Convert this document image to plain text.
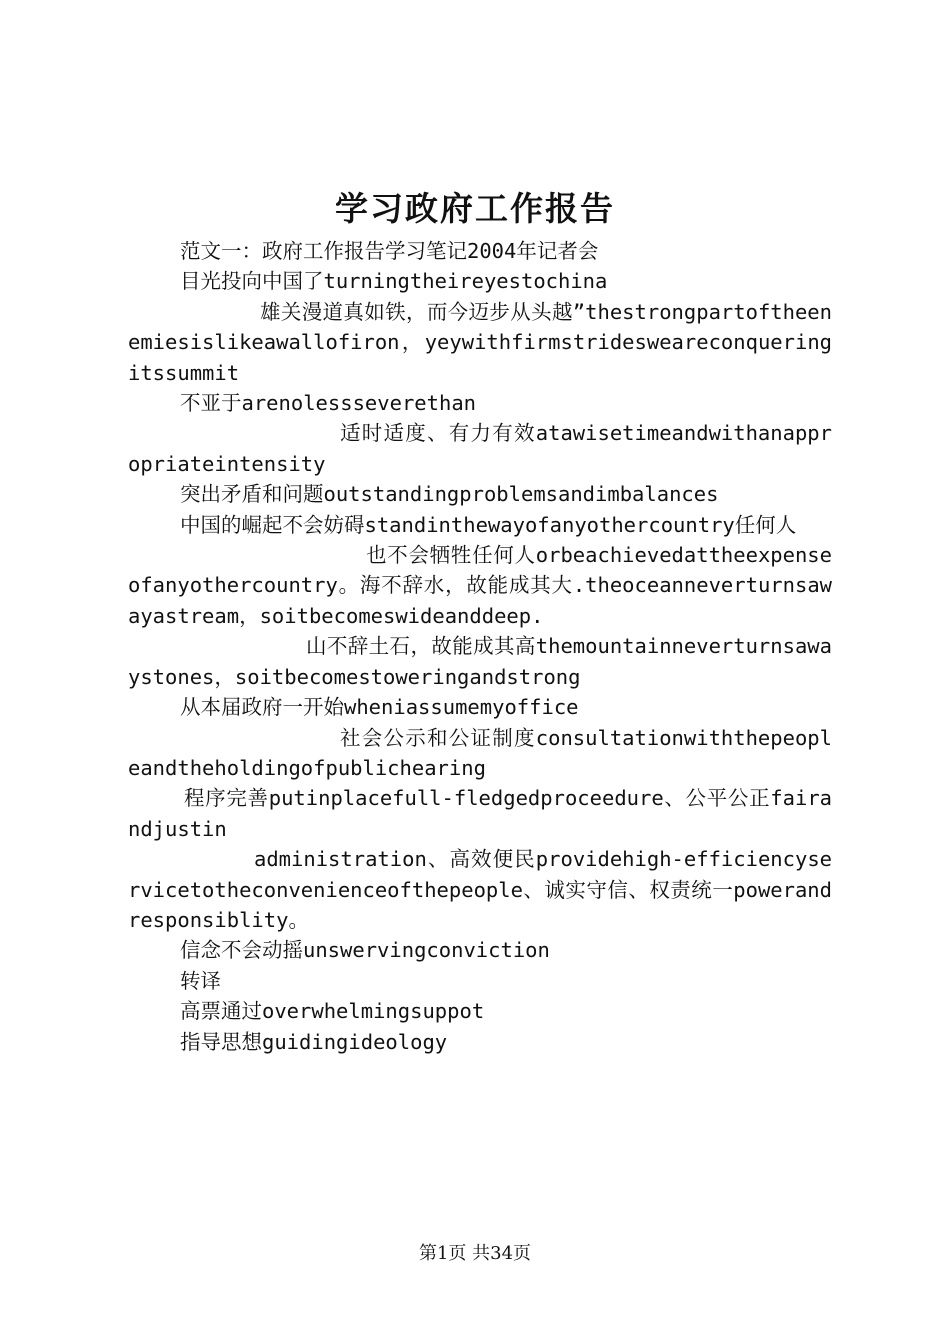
学习政府工作报告

范文一：政府工作报告学习笔记2004年记者会

目光投向中国了turningtheireyestochina

雄关漫道真如铁，而今迈步从头越”thestrongpartoftheenemiesislikeawallofiron，yeywithfirmstridesweareconqueringitssummit

不亚于arenolessseverethan

适时适度、有力有效atawisetimeandwithanappropriateintensity

突出矛盾和问题outstandingproblemsandimbalances

中国的崛起不会妨碍standinthewayofanyothercountry任何人

也不会牺牲任何人orbeachievedattheexpenseofanyothercountry。海不辞水，故能成其大.theoceanneverturnsawayastream，soitbecomeswideanddeep.

山不辞土石，故能成其高themountainneverturnsawaystones，soitbecomestoweringandstrong

从本届政府一开始wheniassumemyoffice

社会公示和公证制度consultationwiththepeopleandtheholdingofpublichearing

程序完善putinplacefull-fledgedproceedure、公平公正fairandjustin

administration、高效便民providehigh-efficiencyservicetotheconvenienceofthepeople、诚实守信、权责统一powerandresponsiblity。

信念不会动摇unswervingconviction

转译

高票通过overwhelmingsuppot

指导思想guidingideology

第1页 共34页
